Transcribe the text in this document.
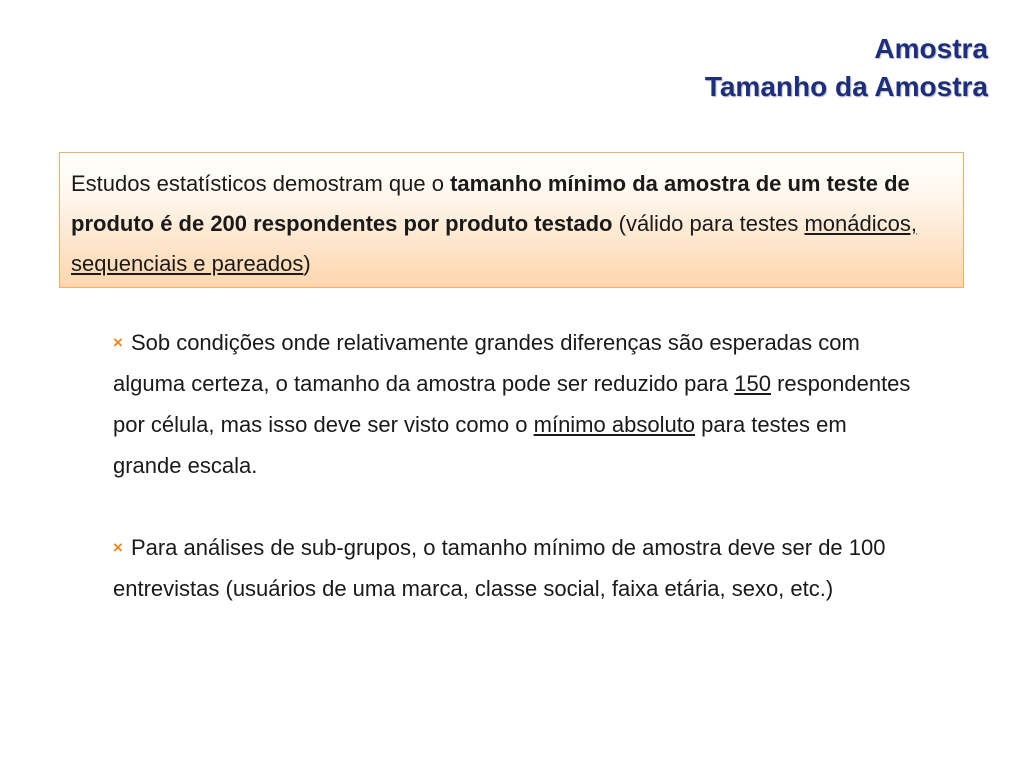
Amostra
Tamanho da Amostra
Estudos estatísticos demostram que o tamanho mínimo da amostra de um teste de produto é de 200 respondentes por produto testado (válido para testes monádicos, sequenciais e pareados)

× Sob condições onde relativamente grandes diferenças são esperadas com alguma certeza, o tamanho da amostra pode ser reduzido para 150 respondentes por célula, mas isso deve ser visto como o mínimo absoluto para testes em grande escala.

× Para análises de sub-grupos, o tamanho mínimo de amostra deve ser de 100 entrevistas (usuários de uma marca, classe social, faixa etária, sexo, etc.)
